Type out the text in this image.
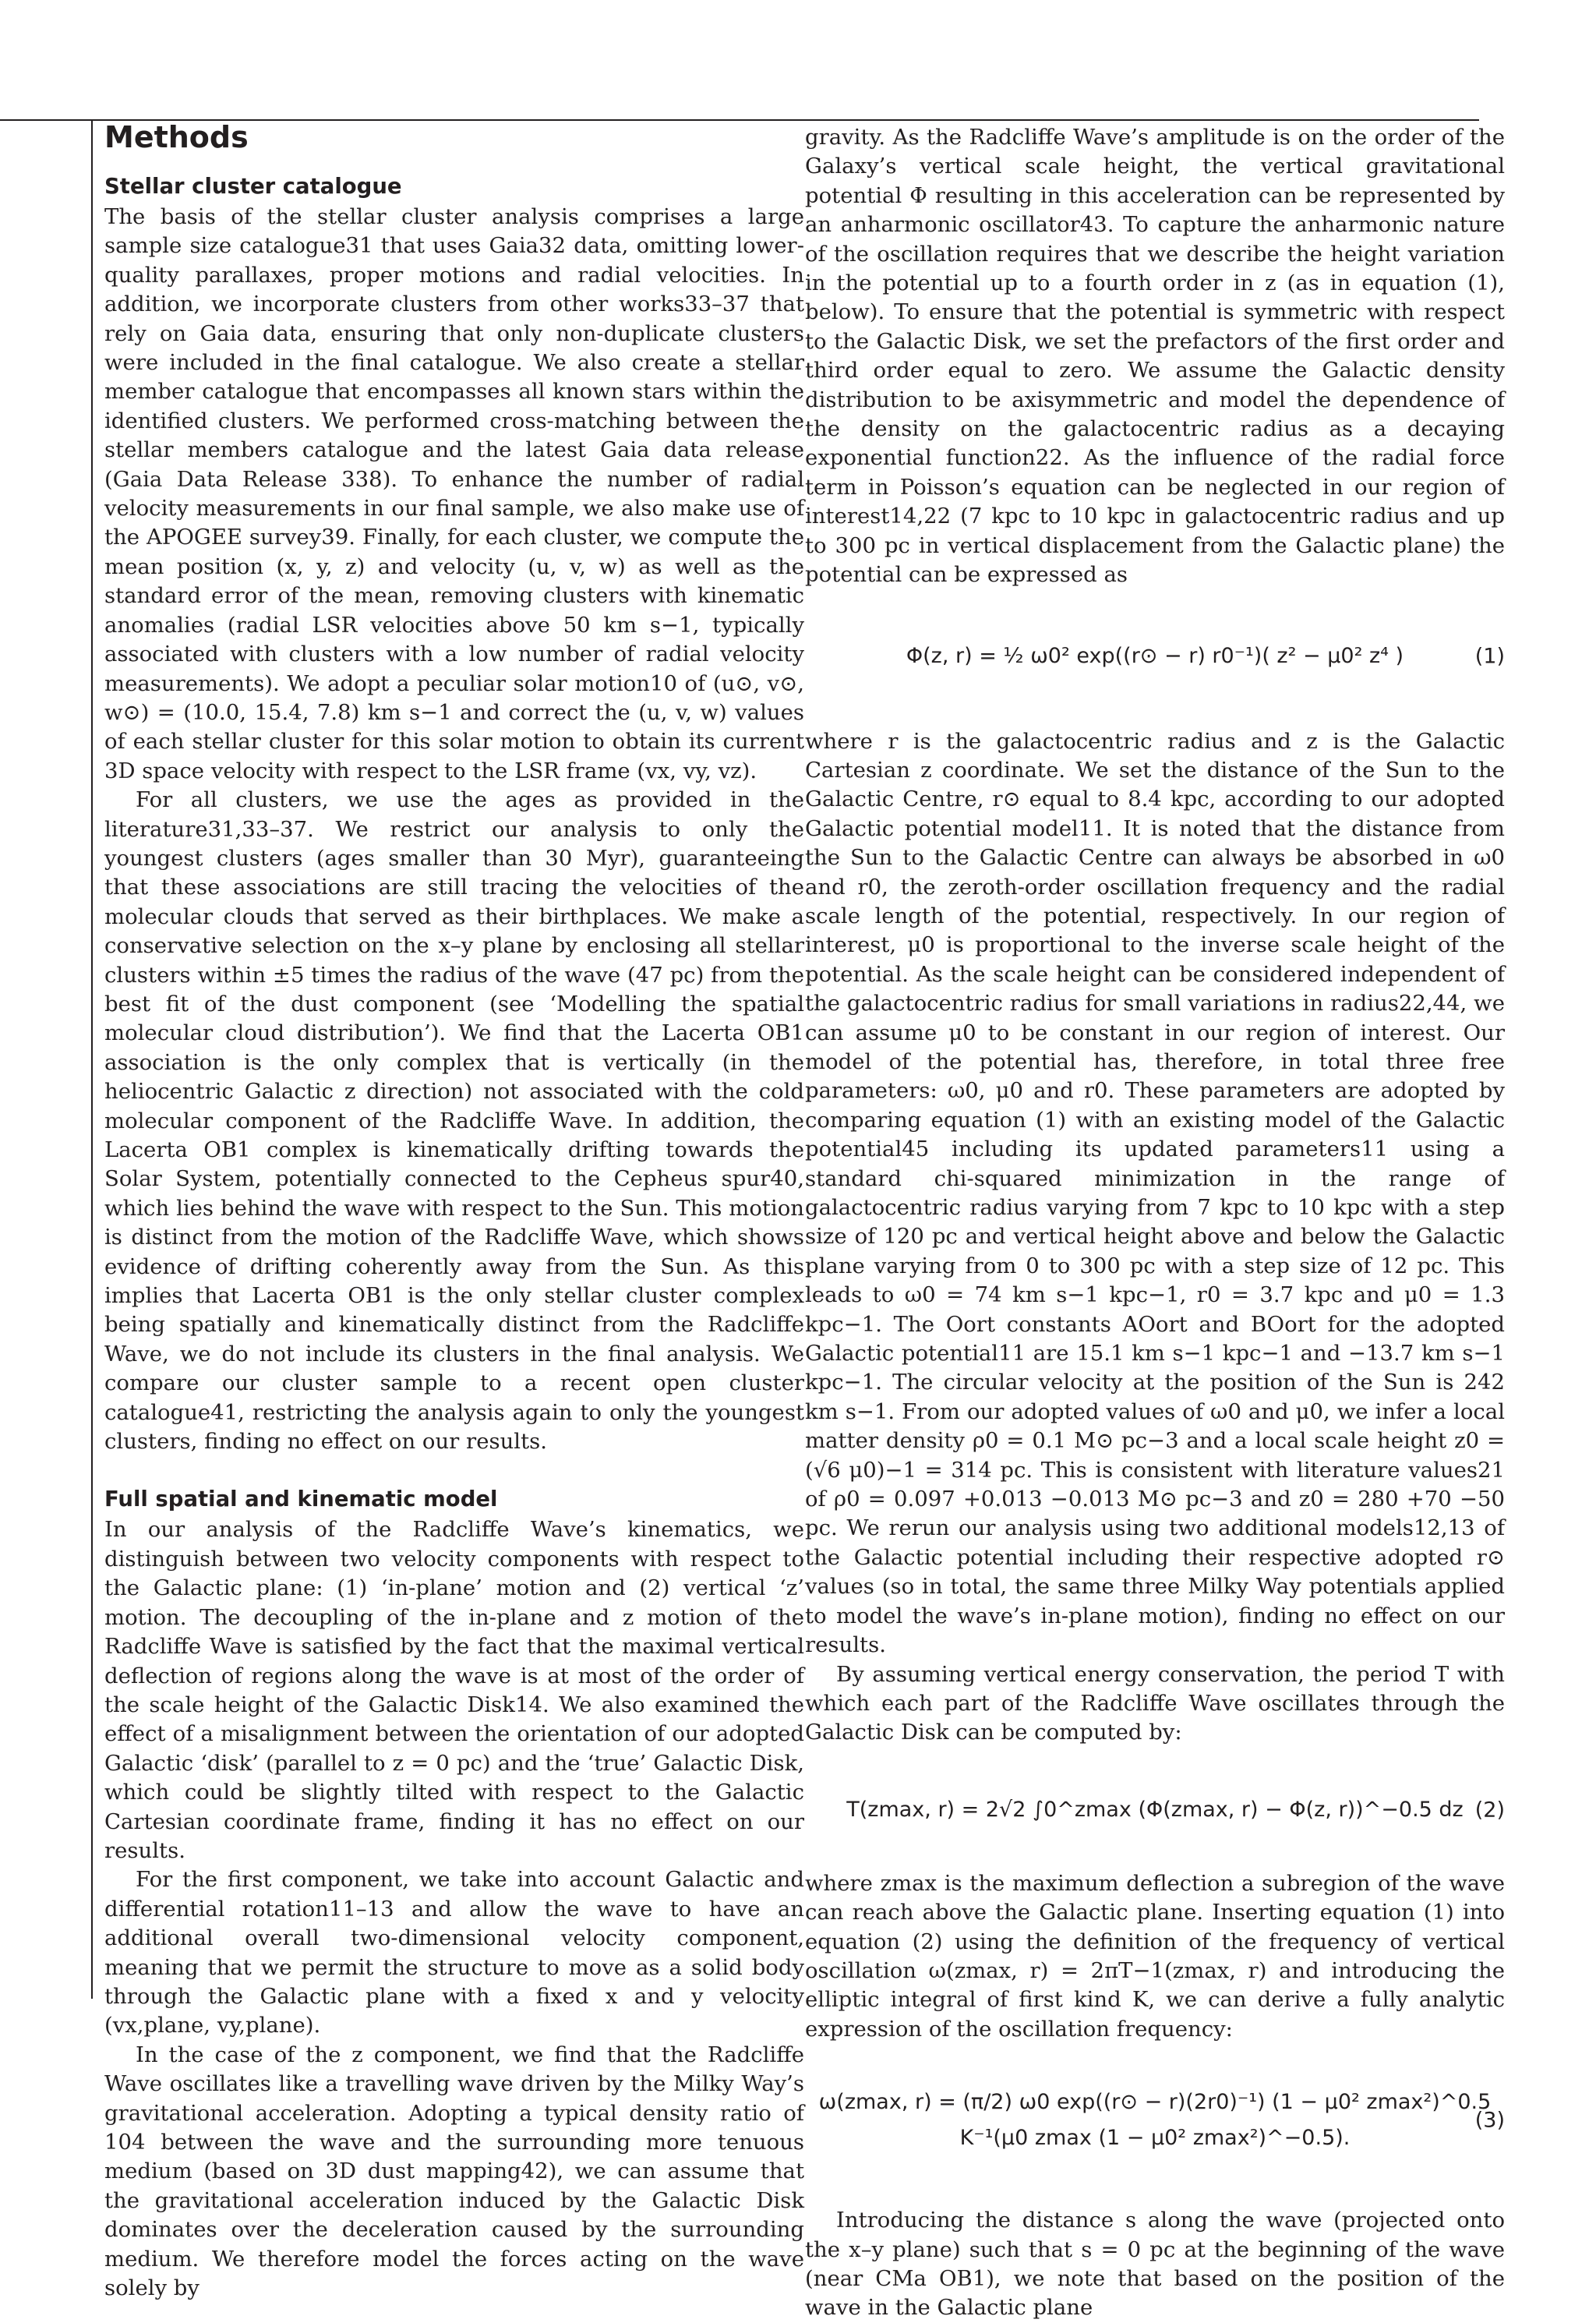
Methods
Stellar cluster catalogue

The basis of the stellar cluster analysis comprises a large sample size catalogue31 that uses Gaia32 data, omitting lower-quality parallaxes, proper motions and radial velocities. In addition, we incorporate clusters from other works33–37 that rely on Gaia data, ensuring that only non-duplicate clusters were included in the final catalogue. We also create a stellar member catalogue that encompasses all known stars within the identified clusters. We performed cross-matching between the stellar members catalogue and the latest Gaia data release (Gaia Data Release 338). To enhance the number of radial velocity measurements in our final sample, we also make use of the APOGEE survey39. Finally, for each cluster, we compute the mean position (x, y, z) and velocity (u, v, w) as well as the standard error of the mean, removing clusters with kinematic anomalies (radial LSR velocities above 50 km s−1, typically associated with clusters with a low number of radial velocity measurements). We adopt a peculiar solar motion10 of (u⊙, v⊙, w⊙) = (10.0, 15.4, 7.8) km s−1 and correct the (u, v, w) values of each stellar cluster for this solar motion to obtain its current 3D space velocity with respect to the LSR frame (vx, vy, vz).

For all clusters, we use the ages as provided in the literature31,33–37. We restrict our analysis to only the youngest clusters (ages smaller than 30 Myr), guaranteeing that these associations are still tracing the velocities of the molecular clouds that served as their birthplaces. We make a conservative selection on the x–y plane by enclosing all stellar clusters within ±5 times the radius of the wave (47 pc) from the best fit of the dust component (see ‘Modelling the spatial molecular cloud distribution’). We find that the Lacerta OB1 association is the only complex that is vertically (in the heliocentric Galactic z direction) not associated with the cold molecular component of the Radcliffe Wave. In addition, the Lacerta OB1 complex is kinematically drifting towards the Solar System, potentially connected to the Cepheus spur40, which lies behind the wave with respect to the Sun. This motion is distinct from the motion of the Radcliffe Wave, which shows evidence of drifting coherently away from the Sun. As this implies that Lacerta OB1 is the only stellar cluster complex being spatially and kinematically distinct from the Radcliffe Wave, we do not include its clusters in the final analysis. We compare our cluster sample to a recent open cluster catalogue41, restricting the analysis again to only the youngest clusters, finding no effect on our results.

Full spatial and kinematic model

In our analysis of the Radcliffe Wave’s kinematics, we distinguish between two velocity components with respect to the Galactic plane: (1) ‘in-plane’ motion and (2) vertical ‘z’ motion. The decoupling of the in-plane and z motion of the Radcliffe Wave is satisfied by the fact that the maximal vertical deflection of regions along the wave is at most of the order of the scale height of the Galactic Disk14. We also examined the effect of a misalignment between the orientation of our adopted Galactic ‘disk’ (parallel to z = 0 pc) and the ‘true’ Galactic Disk, which could be slightly tilted with respect to the Galactic Cartesian coordinate frame, finding it has no effect on our results.

For the first component, we take into account Galactic and differential rotation11–13 and allow the wave to have an additional overall two-dimensional velocity component, meaning that we permit the structure to move as a solid body through the Galactic plane with a fixed x and y velocity (vx,plane, vy,plane).

In the case of the z component, we find that the Radcliffe Wave oscillates like a travelling wave driven by the Milky Way’s gravitational acceleration. Adopting a typical density ratio of 104 between the wave and the surrounding more tenuous medium (based on 3D dust mapping42), we can assume that the gravitational acceleration induced by the Galactic Disk dominates over the deceleration caused by the surrounding medium. We therefore model the forces acting on the wave solely by

gravity. As the Radcliffe Wave’s amplitude is on the order of the Galaxy’s vertical scale height, the vertical gravitational potential Φ resulting in this acceleration can be represented by an anharmonic oscillator43. To capture the anharmonic nature of the oscillation requires that we describe the height variation in the potential up to a fourth order in z (as in equation (1), below). To ensure that the potential is symmetric with respect to the Galactic Disk, we set the prefactors of the first order and third order equal to zero. We assume the Galactic density distribution to be axisymmetric and model the dependence of the density on the galactocentric radius as a decaying exponential function22. As the influence of the radial force term in Poisson’s equation can be neglected in our region of interest14,22 (7 kpc to 10 kpc in galactocentric radius and up to 300 pc in vertical displacement from the Galactic plane) the potential can be expressed as

Φ(z, r) = ½ ω0² exp((r⊙ − r) r0⁻¹)( z² − μ0² z⁴ )	(1)

where r is the galactocentric radius and z is the Galactic Cartesian z coordinate. We set the distance of the Sun to the Galactic Centre, r⊙ equal to 8.4 kpc, according to our adopted Galactic potential model11. It is noted that the distance from the Sun to the Galactic Centre can always be absorbed in ω0 and r0, the zeroth-order oscillation frequency and the radial scale length of the potential, respectively. In our region of interest, μ0 is proportional to the inverse scale height of the potential. As the scale height can be considered independent of the galactocentric radius for small variations in radius22,44, we can assume μ0 to be constant in our region of interest. Our model of the potential has, therefore, in total three free parameters: ω0, μ0 and r0. These parameters are adopted by comparing equation (1) with an existing model of the Galactic potential45 including its updated parameters11 using a standard chi-squared minimization in the range of galactocentric radius varying from 7 kpc to 10 kpc with a step size of 120 pc and vertical height above and below the Galactic plane varying from 0 to 300 pc with a step size of 12 pc. This leads to ω0 = 74 km s−1 kpc−1, r0 = 3.7 kpc and μ0 = 1.3 kpc−1. The Oort constants AOort and BOort for the adopted Galactic potential11 are 15.1 km s−1 kpc−1 and −13.7 km s−1 kpc−1. The circular velocity at the position of the Sun is 242 km s−1. From our adopted values of ω0 and μ0, we infer a local matter density ρ0 = 0.1 M⊙ pc−3 and a local scale height z0 = (√6 μ0)−1 = 314 pc. This is consistent with literature values21 of ρ0 = 0.097 +0.013 −0.013 M⊙ pc−3 and z0 = 280 +70 −50 pc. We rerun our analysis using two additional models12,13 of the Galactic potential including their respective adopted r⊙ values (so in total, the same three Milky Way potentials applied to model the wave’s in-plane motion), finding no effect on our results.

By assuming vertical energy conservation, the period T with which each part of the Radcliffe Wave oscillates through the Galactic Disk can be computed by:

T(zmax, r) = 2√2 ∫0^zmax (Φ(zmax, r) − Φ(z, r))^−0.5 dz (2)

where zmax is the maximum deflection a subregion of the wave can reach above the Galactic plane. Inserting equation (1) into equation (2) using the definition of the frequency of vertical oscillation ω(zmax, r) = 2πT−1(zmax, r) and introducing the elliptic integral of first kind K, we can derive a fully analytic expression of the oscillation frequency:

ω(zmax, r) = (π/2) ω0 exp((r⊙ − r)(2r0)⁻¹) (1 − μ0² zmax²)^0.5
K⁻¹(μ0 zmax (1 − μ0² zmax²)^−0.5).
(3)

Introducing the distance s along the wave (projected onto the x–y plane) such that s = 0 pc at the beginning of the wave (near CMa OB1), we note that based on the position of the wave in the Galactic plane
